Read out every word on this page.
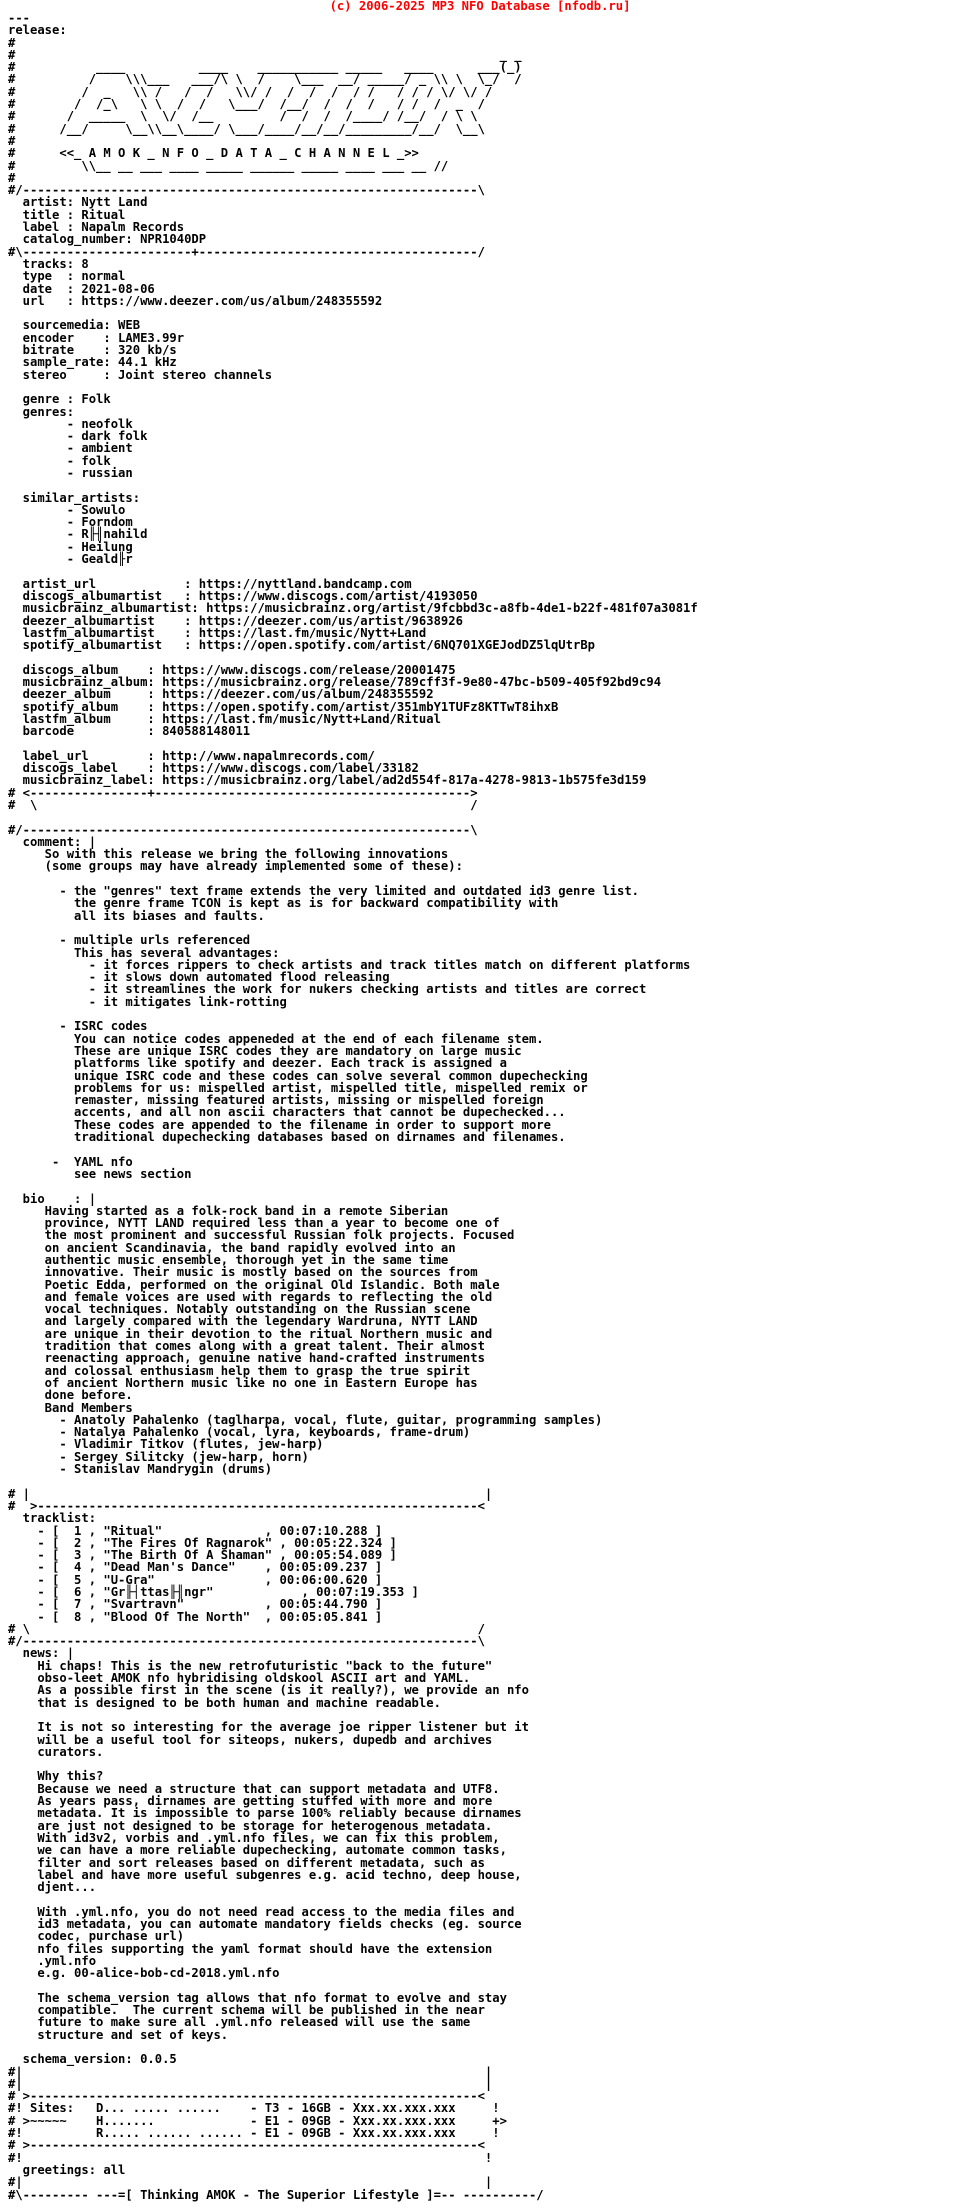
(c) 2006-2025 MP3 NFO Database [nfodb.ru]
---
release:
#
#                                                                  _ _
#           ____          ____    ___________ _____   ____      ___(_)
#          /    \\\___   ___/\ \  /    \___  __/ _____/ _ \\ \  \_/  /
#         /  _   \\ /   /  /   \\/ /  /  /  /  / /   / / / \/ \/ /
#        /  /_\   \ \  /  /   \___/  /__/  /  /  /   / /  /  _  /
#       /  _____  \  \/  /__         /  /  /  /____/ /__/  / \ \
#      /__/     \__\\__\____/ \___/____/__/__/_________/__/  \__\
#
#      <<_ A M O K _ N F O _ D A T A _ C H A N N E L _>>
#         \\__ __ ___ ____ _____ ______ _____ ____ ___ __ //
#
#/--------------------------------------------------------------\
artist: Nytt Land
title : Ritual
label : Napalm Records
catalog_number: NPR1040DP
#\-----------------------+--------------------------------------/
tracks: 8
type  : normal
date  : 2021-08-06
url   : https://www.deezer.com/us/album/248355592

sourcemedia: WEB
encoder    : LAME3.99r
bitrate    : 320 kb/s
sample_rate: 44.1 kHz
stereo     : Joint stereo channels

genre : Folk
genres:
- neofolk
- dark folk
- ambient
- folk
- russian

similar_artists:
- Sowulo
- Forndom
- R╟╢nahild
- Heilung
- Geald╟r

artist_url            : https://nyttland.bandcamp.com
discogs_albumartist   : https://www.discogs.com/artist/4193050
musicbrainz_albumartist: https://musicbrainz.org/artist/9fcbbd3c-a8fb-4de1-b22f-481f07a3081f
deezer_albumartist    : https://deezer.com/us/artist/9638926
lastfm_albumartist    : https://last.fm/music/Nytt+Land
spotify_albumartist   : https://open.spotify.com/artist/6NQ701XGEJodDZ5lqUtrBp

discogs_album    : https://www.discogs.com/release/20001475
musicbrainz_album: https://musicbrainz.org/release/789cff3f-9e80-47bc-b509-405f92bd9c94
deezer_album     : https://deezer.com/us/album/248355592
spotify_album    : https://open.spotify.com/artist/351mbY1TUFz8KTTwT8ihxB
lastfm_album     : https://last.fm/music/Nytt+Land/Ritual
barcode          : 840588148011

label_url        : http://www.napalmrecords.com/
discogs_label    : https://www.discogs.com/label/33182
musicbrainz_label: https://musicbrainz.org/label/ad2d554f-817a-4278-9813-1b575fe3d159
# <----------------+------------------------------------------->
#  \                                                           /

#/-------------------------------------------------------------\
comment: |
So with this release we bring the following innovations
(some groups may have already implemented some of these):

- the "genres" text frame extends the very limited and outdated id3 genre list.
the genre frame TCON is kept as is for backward compatibility with
all its biases and faults.

- multiple urls referenced
This has several advantages:
- it forces rippers to check artists and track titles match on different platforms
- it slows down automated flood releasing
- it streamlines the work for nukers checking artists and titles are correct
- it mitigates link-rotting

- ISRC codes
You can notice codes appeneded at the end of each filename stem.
These are unique ISRC codes they are mandatory on large music
platforms like spotify and deezer. Each track is assigned a
unique ISRC code and these codes can solve several common dupechecking
problems for us: mispelled artist, mispelled title, mispelled remix or
remaster, missing featured artists, missing or mispelled foreign
accents, and all non ascii characters that cannot be dupechecked...
These codes are appended to the filename in order to support more
traditional dupechecking databases based on dirnames and filenames.

-  YAML nfo
see news section

bio    : |
Having started as a folk-rock band in a remote Siberian
province, NYTT LAND required less than a year to become one of
the most prominent and successful Russian folk projects. Focused
on ancient Scandinavia, the band rapidly evolved into an
authentic music ensemble, thorough yet in the same time
innovative. Their music is mostly based on the sources from
Poetic Edda, performed on the original Old Islandic. Both male
and female voices are used with regards to reflecting the old
vocal techniques. Notably outstanding on the Russian scene
and largely compared with the legendary Wardruna, NYTT LAND
are unique in their devotion to the ritual Northern music and
tradition that comes along with a great talent. Their almost
reenacting approach, genuine native hand-crafted instruments
and colossal enthusiasm help them to grasp the true spirit
of ancient Northern music like no one in Eastern Europe has
done before.
Band Members
- Anatoly Pahalenko (taglharpa, vocal, flute, guitar, programming samples)
- Natalya Pahalenko (vocal, lyra, keyboards, frame-drum)
- Vladimir Titkov (flutes, jew-harp)
- Sergey Silitcky (jew-harp, horn)
- Stanislav Mandrygin (drums)

# |                                                              |
#  >------------------------------------------------------------<
tracklist:
- [  1 , "Ritual"              , 00:07:10.288 ]
- [  2 , "The Fires Of Ragnarok" , 00:05:22.324 ]
- [  3 , "The Birth Of A Shaman" , 00:05:54.089 ]
- [  4 , "Dead Man's Dance"    , 00:05:09.237 ]
- [  5 , "U-Gra"               , 00:06:00.620 ]
- [  6 , "Gr╟┤ttas╟╢ngr"            , 00:07:19.353 ]
- [  7 , "Svartravn"           , 00:05:44.790 ]
- [  8 , "Blood Of The North"  , 00:05:05.841 ]
# \                                                             /
#/--------------------------------------------------------------\
news: |
Hi chaps! This is the new retrofuturistic "back to the future"
obso-leet AMOK nfo hybridising oldskool ASCII art and YAML.
As a possible first in the scene (is it really?), we provide an nfo
that is designed to be both human and machine readable.

It is not so interesting for the average joe ripper listener but it
will be a useful tool for siteops, nukers, dupedb and archives
curators.

Why this?
Because we need a structure that can support metadata and UTF8.
As years pass, dirnames are getting stuffed with more and more
metadata. It is impossible to parse 100% reliably because dirnames
are just not designed to be storage for heterogenous metadata.
With id3v2, vorbis and .yml.nfo files, we can fix this problem,
we can have a more reliable dupechecking, automate common tasks,
filter and sort releases based on different metadata, such as
label and have more useful subgenres e.g. acid techno, deep house,
djent...

With .yml.nfo, you do not need read access to the media files and
id3 metadata, you can automate mandatory fields checks (eg. source
codec, purchase url)
nfo files supporting the yaml format should have the extension
.yml.nfo
e.g. 00-alice-bob-cd-2018.yml.nfo

The schema_version tag allows that nfo format to evolve and stay
compatible.  The current schema will be published in the near
future to make sure all .yml.nfo released will use the same
structure and set of keys.

schema_version: 0.0.5
#|                                                               |
#|                                                               |
# >-------------------------------------------------------------<
#! Sites:   D... ..... ......    - T3 - 16GB - Xxx.xx.xxx.xxx     !
# >~~~~~    H.......             - E1 - 09GB - Xxx.xx.xxx.xxx     +>
#!          R..... ...... ...... - E1 - 09GB - Xxx.xx.xxx.xxx     !
# >-------------------------------------------------------------<
#!                                                               !
greetings: all
#|                                                               |
#\--------- ---=[ Thinking AMOK - The Superior Lifestyle ]=-- ----------/
